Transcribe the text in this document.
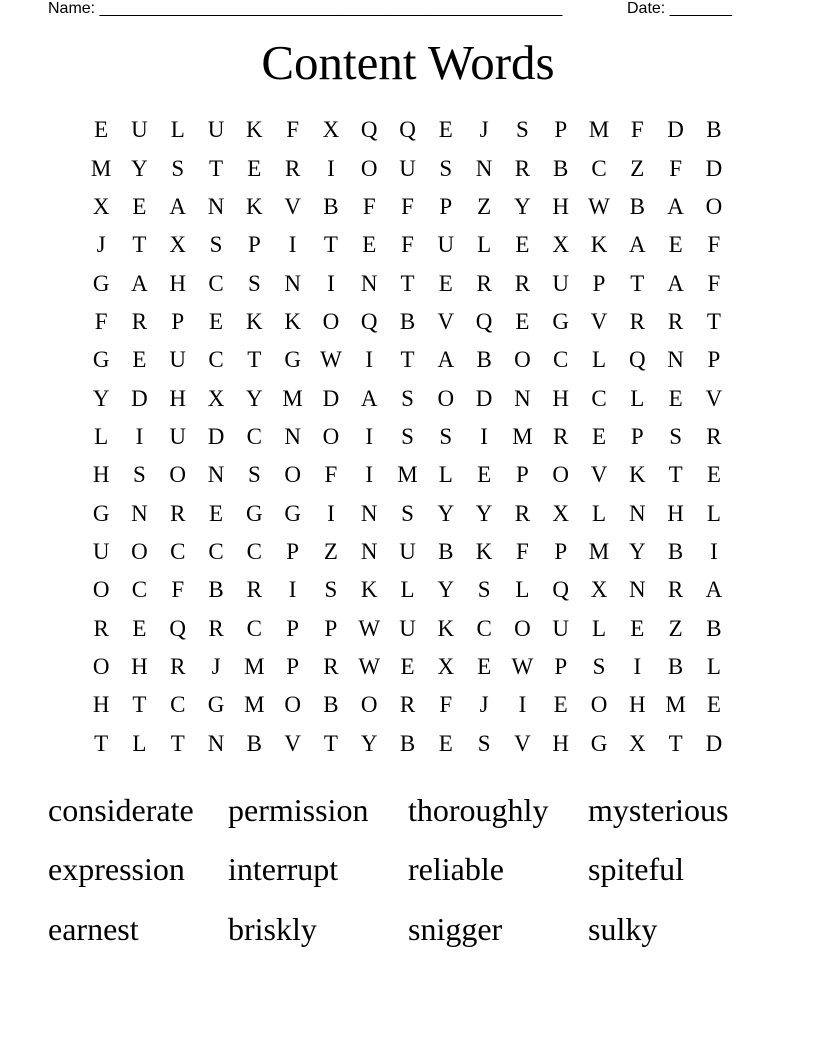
Name: ____________________________________________________	Date: _______
Content Words
E U L U K	F	X Q Q E	J	S	P M F	D B
M Y	S	T	E	R	I	O U	S	N R B C	Z	F	D
X E A N K V B	F	F	P	Z Y H W B A O
J	T X	S	P	I	T	E	F	U L	E X K A E	F
G A H C	S	N	I	N T	E	R R U	P	T A	F
F	R	P	E K K O Q B V Q E G V R R	T
G E U C	T G W	I	T A B O C	L Q N	P
Y D H X Y M D A	S	O D N H C	L	E V
L	I	U D C N O	I	S	S	I	M R	E	P	S	R
H	S	O N	S	O	F	I	M L	E	P	O V K T	E
G N R	E G G	I	N	S	Y Y R X L N H L
U O C C C	P	Z N U B K	F	P M Y B	I
O C	F	B R	I	S	K L Y	S	L Q X N R A
R	E Q R C	P	P W U K C O U L	E	Z	B
O H R	J	M P	R W E X E W P	S	I	B	L
H T	C G M O B O R	F	J	I	E O H M E
T	L	T N B V T Y B	E	S	V H G X T D
considerate	permission	thoroughly	mysterious
expression	interrupt	reliable	spiteful
earnest	briskly	snigger	sulky
